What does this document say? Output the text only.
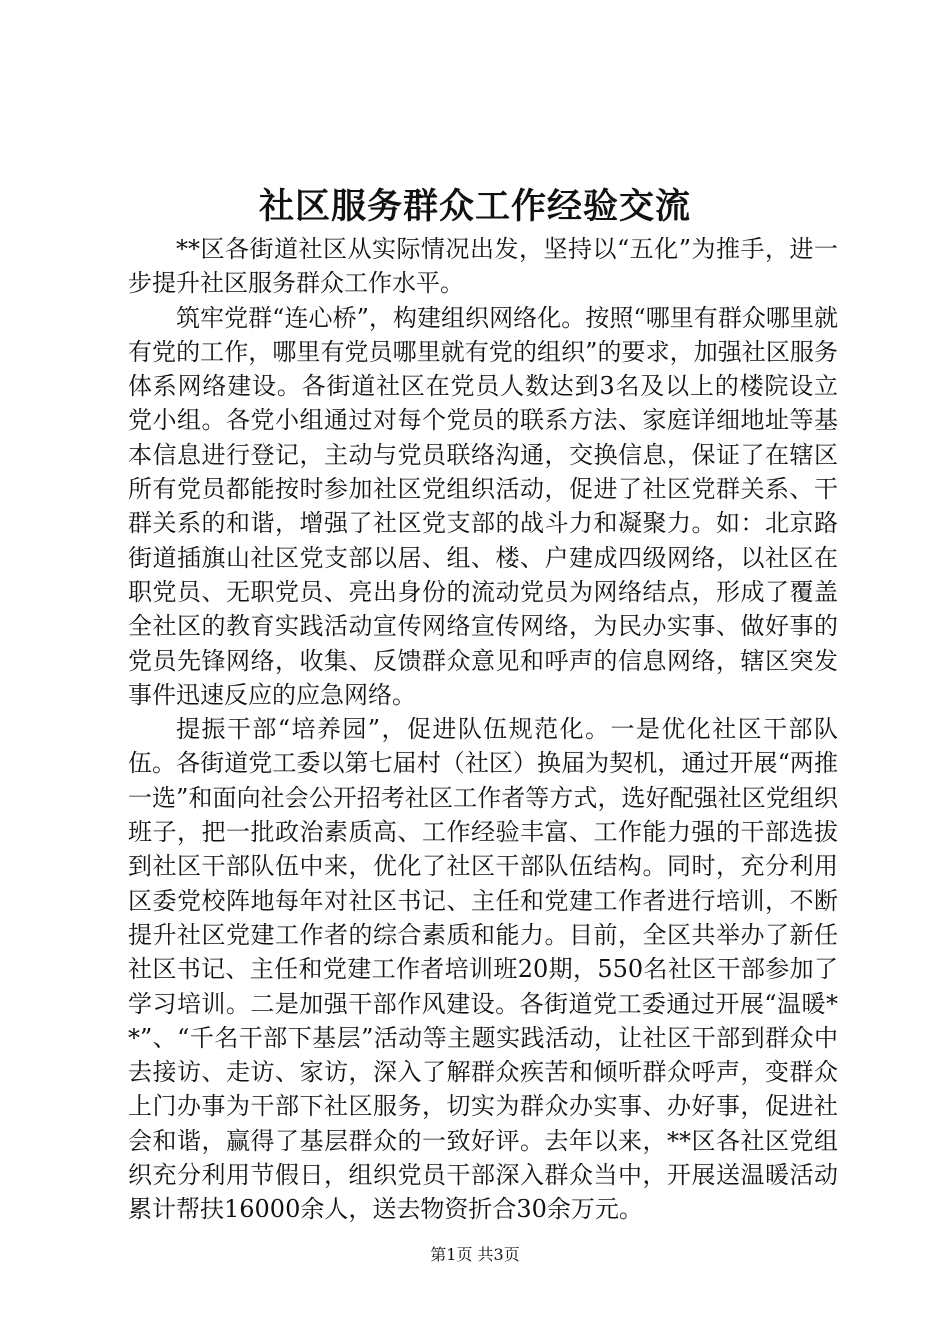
社区服务群众工作经验交流

**区各街道社区从实际情况出发，坚持以“五化”为推手，进一步提升社区服务群众工作水平。

筑牢党群“连心桥”，构建组织网络化。按照“哪里有群众哪里就有党的工作，哪里有党员哪里就有党的组织”的要求，加强社区服务体系网络建设。各街道社区在党员人数达到3名及以上的楼院设立党小组。各党小组通过对每个党员的联系方法、家庭详细地址等基本信息进行登记，主动与党员联络沟通，交换信息，保证了在辖区所有党员都能按时参加社区党组织活动，促进了社区党群关系、干群关系的和谐，增强了社区党支部的战斗力和凝聚力。如：北京路街道插旗山社区党支部以居、组、楼、户建成四级网络，以社区在职党员、无职党员、亮出身份的流动党员为网络结点，形成了覆盖全社区的教育实践活动宣传网络宣传网络，为民办实事、做好事的党员先锋网络，收集、反馈群众意见和呼声的信息网络，辖区突发事件迅速反应的应急网络。

提振干部“培养园”，促进队伍规范化。一是优化社区干部队伍。各街道党工委以第七届村（社区）换届为契机，通过开展“两推一选”和面向社会公开招考社区工作者等方式，选好配强社区党组织班子，把一批政治素质高、工作经验丰富、工作能力强的干部选拔到社区干部队伍中来，优化了社区干部队伍结构。同时，充分利用区委党校阵地每年对社区书记、主任和党建工作者进行培训，不断提升社区党建工作者的综合素质和能力。目前，全区共举办了新任社区书记、主任和党建工作者培训班20期，550名社区干部参加了学习培训。二是加强干部作风建设。各街道党工委通过开展“温暖**”、“千名干部下基层”活动等主题实践活动，让社区干部到群众中去接访、走访、家访，深入了解群众疾苦和倾听群众呼声，变群众上门办事为干部下社区服务，切实为群众办实事、办好事，促进社会和谐，赢得了基层群众的一致好评。去年以来，**区各社区党组织充分利用节假日，组织党员干部深入群众当中，开展送温暖活动累计帮扶16000余人，送去物资折合30余万元。

第1页 共3页
